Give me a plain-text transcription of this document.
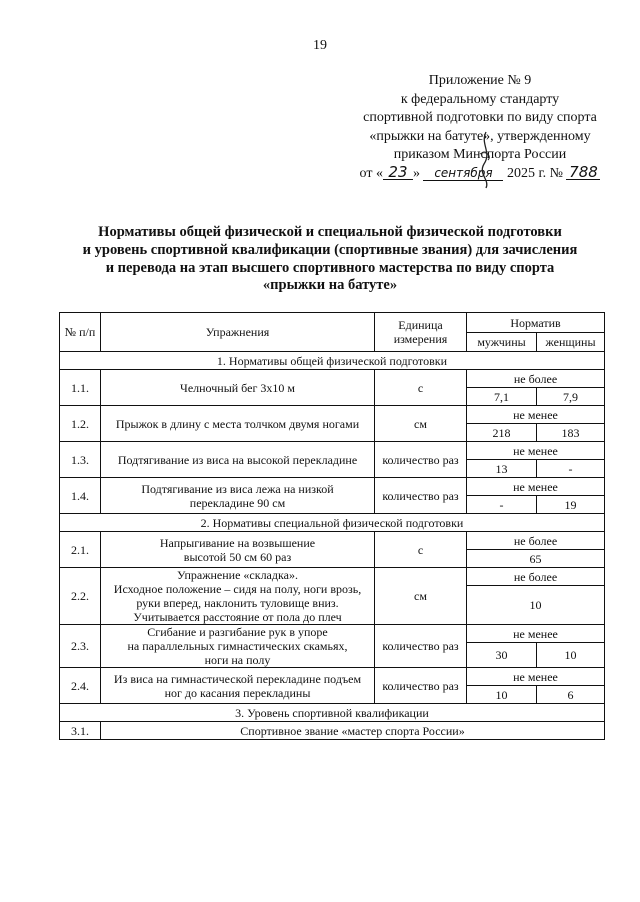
19
Приложение № 9
к федеральному стандарту
спортивной подготовки по виду спорта
«прыжки на батуте», утвержденному
приказом Минспорта России
от « 23 » сентября 2025 г. № 788
Нормативы общей физической и специальной физической подготовки
и уровень спортивной квалификации (спортивные звания) для зачисления
и перевода на этап высшего спортивного мастерства по виду спорта
«прыжки на батуте»
№ п/п	Упражнения	Единица измерения	Норматив	
			мужчины	женщины
1. Нормативы общей физической подготовки				
1.1.	Челночный бег 3х10 м	с	не более	
			7,1	7,9
1.2.	Прыжок в длину с места толчком двумя ногами	см	не менее	
			218	183
1.3.	Подтягивание из виса на высокой перекладине	количество раз	не менее	
			13	-
1.4.	Подтягивание из виса лежа на низкой
перекладине 90 см	количество раз	не менее	
			-	19
2. Нормативы специальной физической подготовки				
2.1.	Напрыгивание на возвышение
высотой 50 см 60 раз	с	не более	
			65	
2.2.	Упражнение «складка».
Исходное положение – сидя на полу, ноги врозь,
руки вперед, наклонить туловище вниз.
Учитывается расстояние от пола до плеч	см	не более	
			10	
2.3.	Сгибание и разгибание рук в упоре
на параллельных гимнастических скамьях,
ноги на полу	количество раз	не менее	
			30	10
2.4.	Из виса на гимнастической перекладине подъем
ног до касания перекладины	количество раз	не менее	
			10	6
3. Уровень спортивной квалификации				
3.1.	Спортивное звание «мастер спорта России»			
